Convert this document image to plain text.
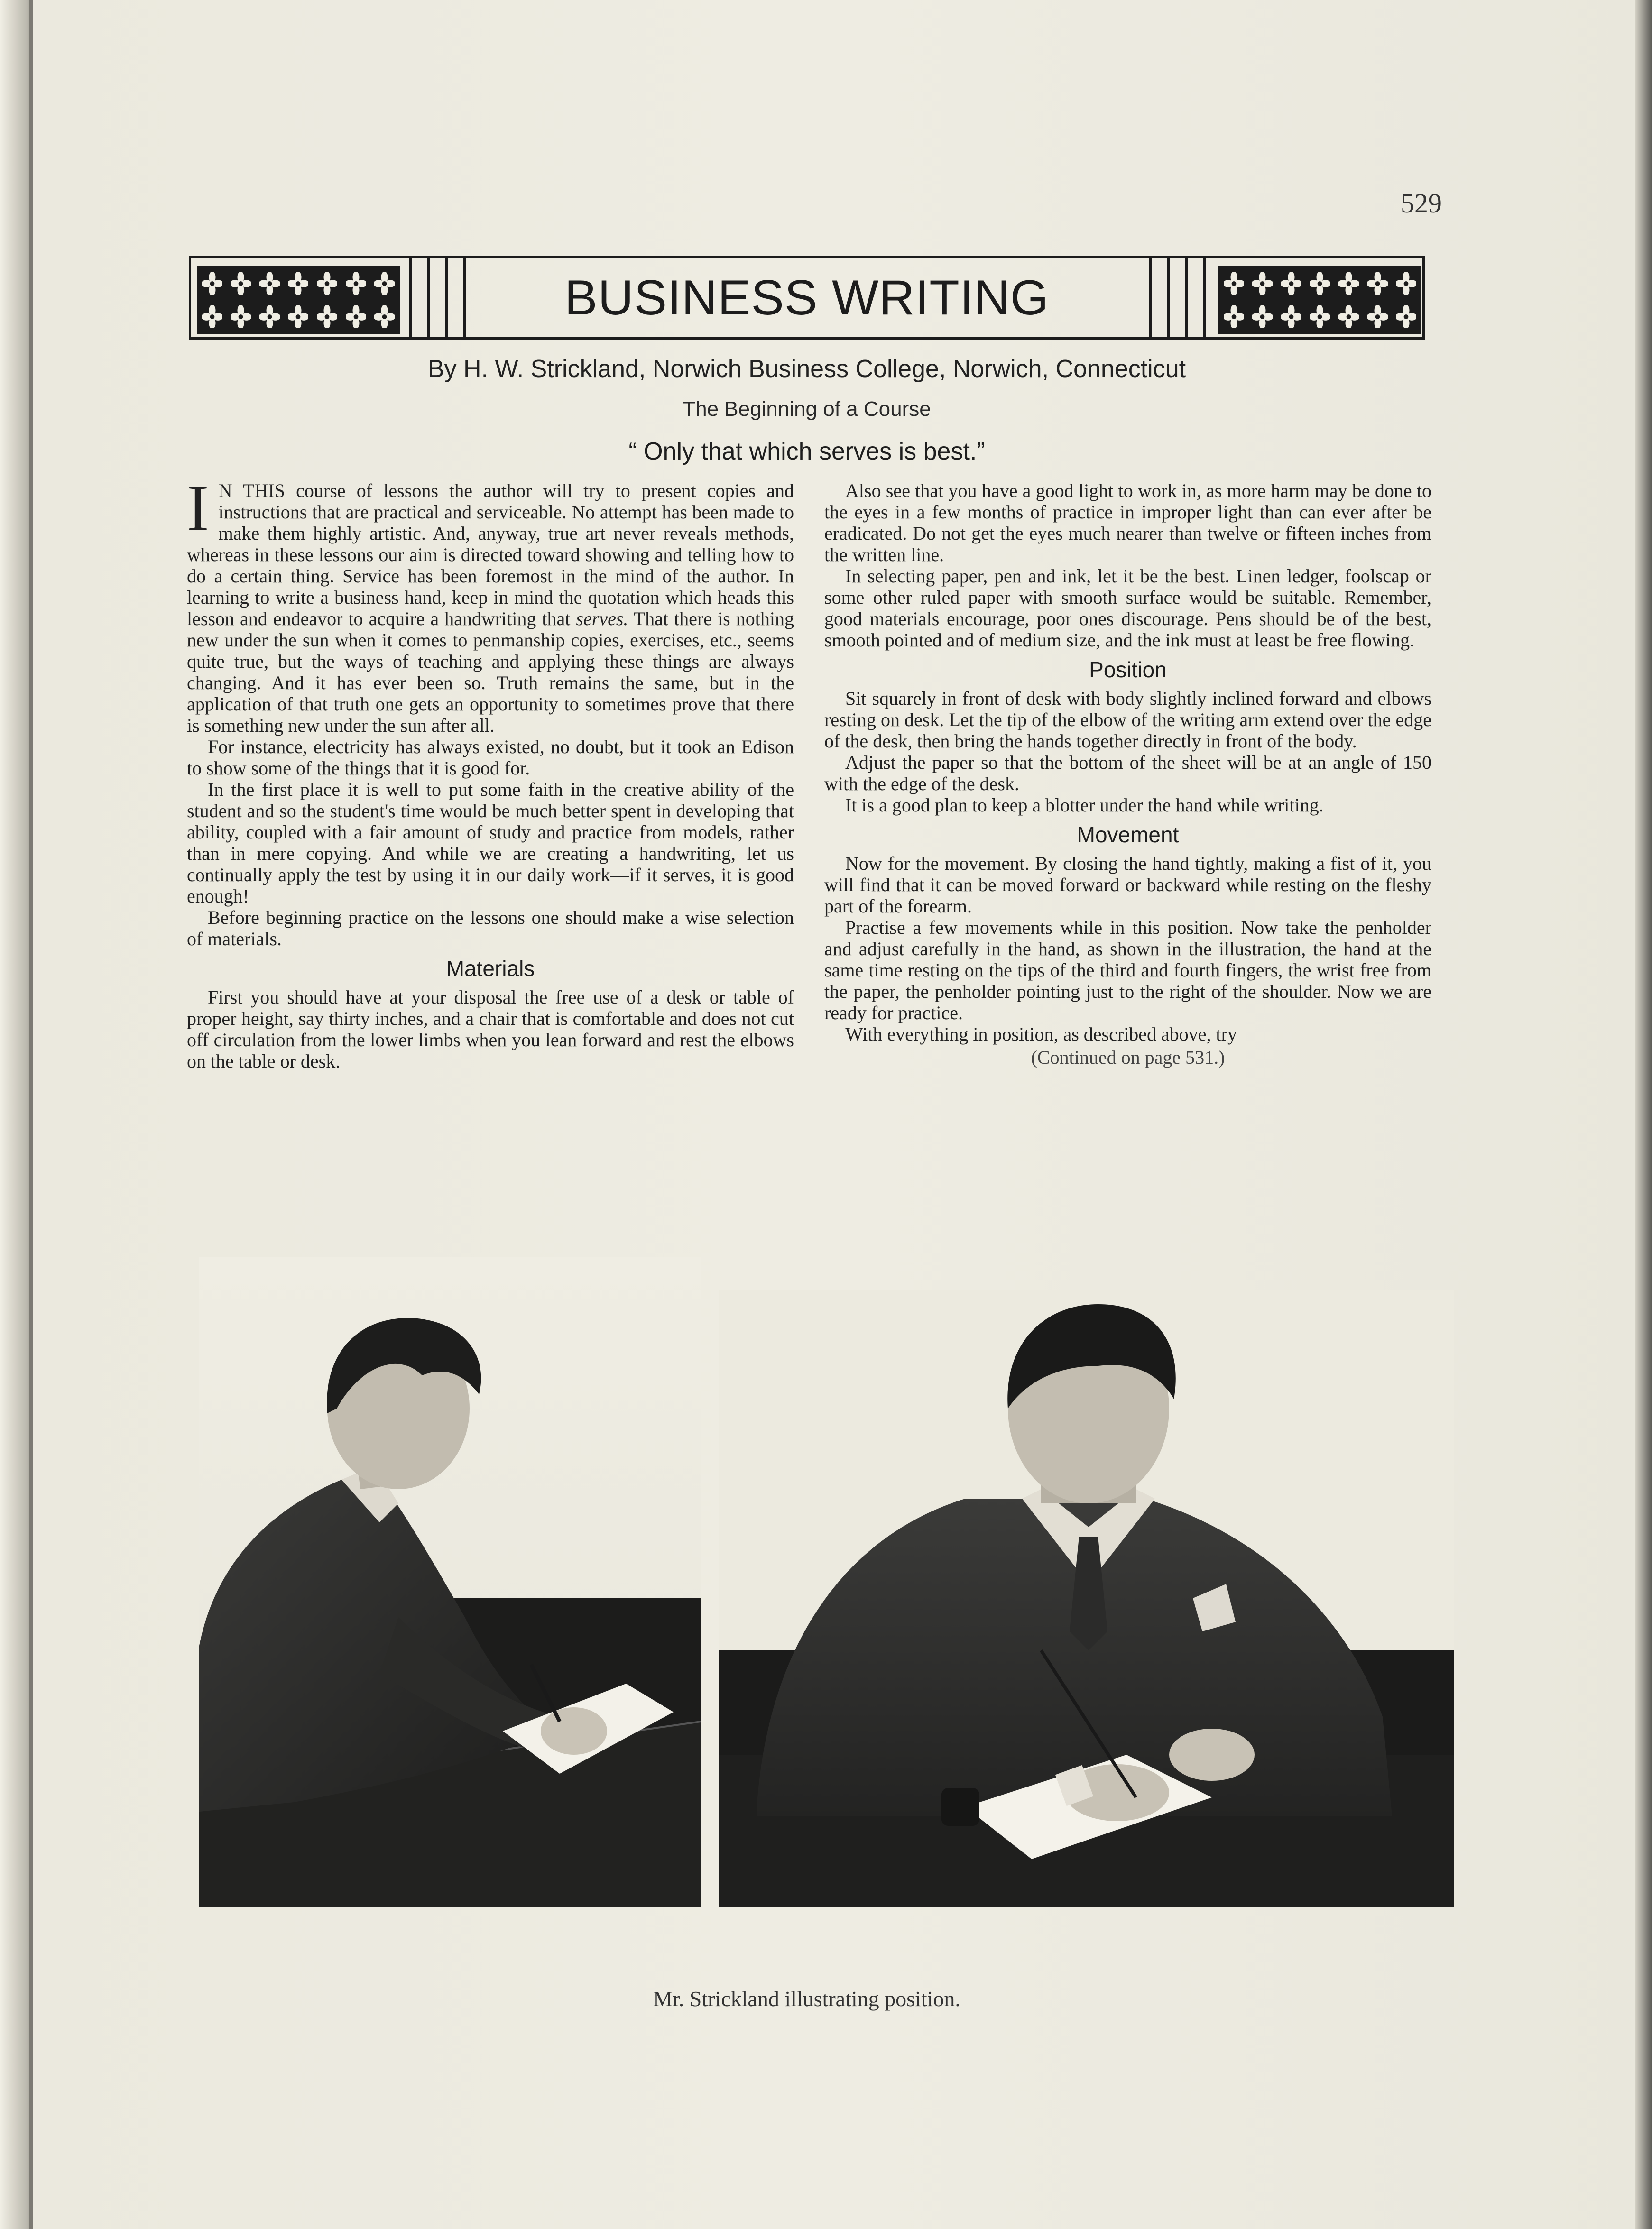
529
BUSINESS WRITING
By H. W. Strickland, Norwich Business College, Norwich, Connecticut
The Beginning of a Course
“ Only that which serves is best.”

I N THIS course of lessons the author will try to present copies and instructions that are practical and serviceable. No attempt has been made to make them highly artistic. And, anyway, true art never reveals methods, whereas in these lessons our aim is directed toward showing and telling how to do a certain thing. Service has been foremost in the mind of the author. In learning to write a business hand, keep in mind the quotation which heads this lesson and endeavor to acquire a handwriting that serves. That there is nothing new under the sun when it comes to penmanship copies, exercises, etc., seems quite true, but the ways of teaching and applying these things are always changing. And it has ever been so. Truth remains the same, but in the application of that truth one gets an opportunity to sometimes prove that there is something new under the sun after all.

For instance, electricity has always existed, no doubt, but it took an Edison to show some of the things that it is good for.

In the first place it is well to put some faith in the creative ability of the student and so the student's time would be much better spent in developing that ability, coupled with a fair amount of study and practice from models, rather than in mere copying. And while we are creating a handwriting, let us continually apply the test by using it in our daily work—if it serves, it is good enough!

Before beginning practice on the lessons one should make a wise selection of materials.

Materials

First you should have at your disposal the free use of a desk or table of proper height, say thirty inches, and a chair that is comfortable and does not cut off circulation from the lower limbs when you lean forward and rest the elbows on the table or desk.

Also see that you have a good light to work in, as more harm may be done to the eyes in a few months of practice in improper light than can ever after be eradicated. Do not get the eyes much nearer than twelve or fifteen inches from the written line.

In selecting paper, pen and ink, let it be the best. Linen ledger, foolscap or some other ruled paper with smooth surface would be suitable. Remember, good materials encourage, poor ones discourage. Pens should be of the best, smooth pointed and of medium size, and the ink must at least be free flowing.

Position

Sit squarely in front of desk with body slightly inclined forward and elbows resting on desk. Let the tip of the elbow of the writing arm extend over the edge of the desk, then bring the hands together directly in front of the body.

Adjust the paper so that the bottom of the sheet will be at an angle of 150 with the edge of the desk.

It is a good plan to keep a blotter under the hand while writing.

Movement

Now for the movement. By closing the hand tightly, making a fist of it, you will find that it can be moved forward or backward while resting on the fleshy part of the forearm.

Practise a few movements while in this position. Now take the penholder and adjust carefully in the hand, as shown in the illustration, the hand at the same time resting on the tips of the third and fourth fingers, the wrist free from the paper, the penholder pointing just to the right of the shoulder. Now we are ready for practice.

With everything in position, as described above, try

(Continued on page 531.)
Mr. Strickland illustrating position.
